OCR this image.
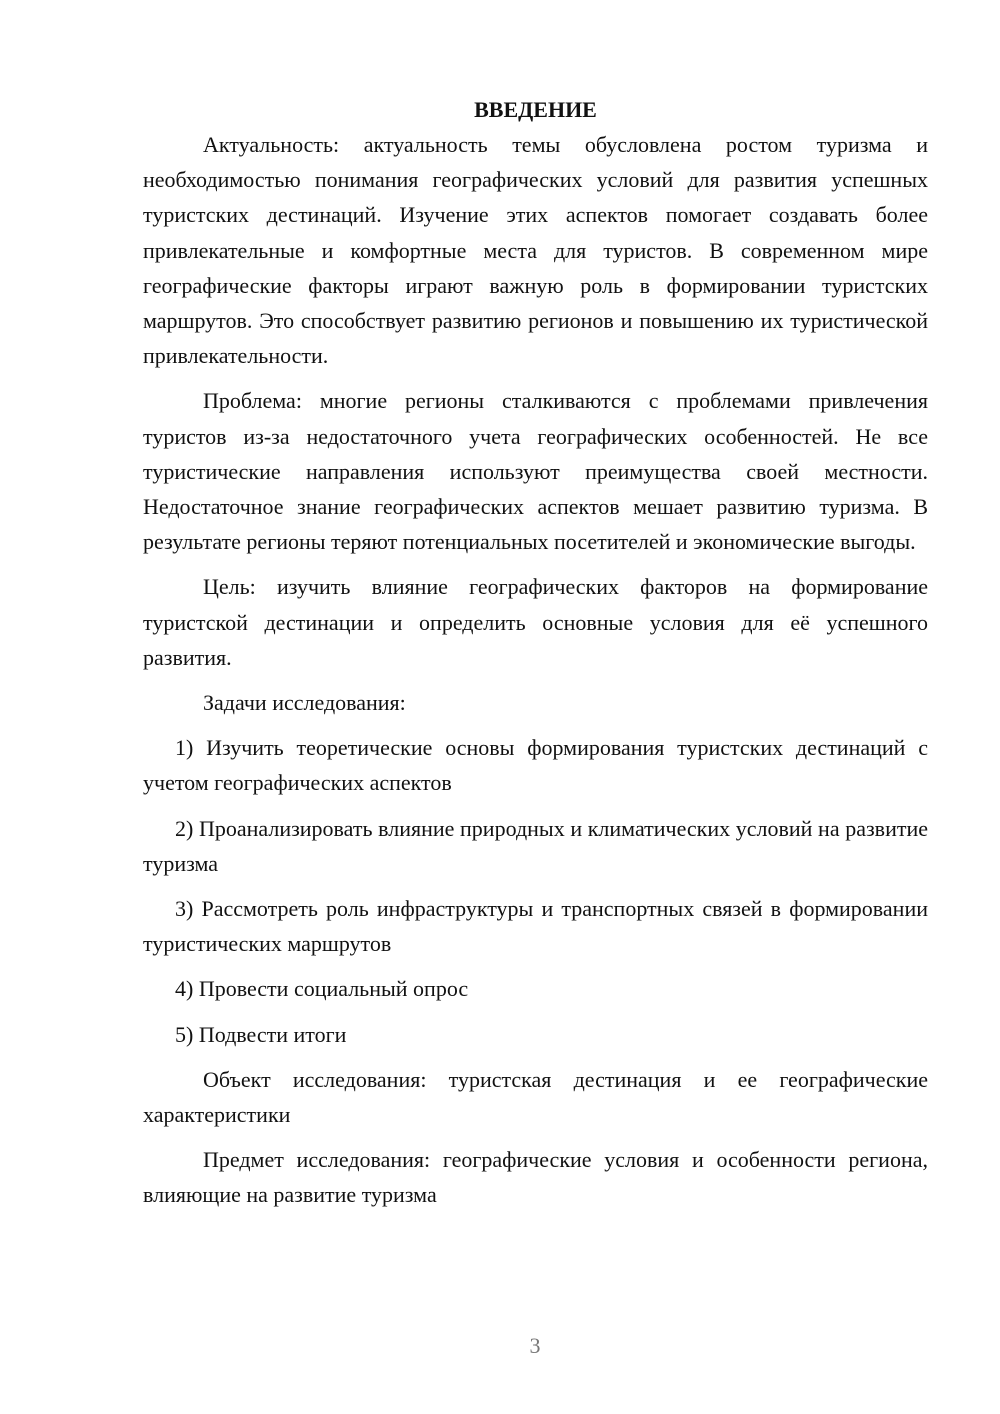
ВВЕДЕНИЕ

Актуальность: актуальность темы обусловлена ростом туризма и необходимостью понимания географических условий для развития успешных туристских дестинаций. Изучение этих аспектов помогает создавать более привлекательные и комфортные места для туристов. В современном мире географические факторы играют важную роль в формировании туристских маршрутов. Это способствует развитию регионов и повышению их туристической привлекательности.

Проблема: многие регионы сталкиваются с проблемами привлечения туристов из-за недостаточного учета географических особенностей. Не все туристические направления используют преимущества своей местности. Недостаточное знание географических аспектов мешает развитию туризма. В результате регионы теряют потенциальных посетителей и экономические выгоды.

Цель: изучить влияние географических факторов на формирование туристской дестинации и определить основные условия для её успешного развития.

Задачи исследования:

1) Изучить теоретические основы формирования туристских дестинаций с учетом географических аспектов

2) Проанализировать влияние природных и климатических условий на развитие туризма

3) Рассмотреть роль инфраструктуры и транспортных связей в формировании туристических маршрутов

4) Провести социальный опрос

5) Подвести итоги

Объект исследования: туристская дестинация и ее географические характеристики

Предмет исследования: географические условия и особенности региона, влияющие на развитие туризма

3
